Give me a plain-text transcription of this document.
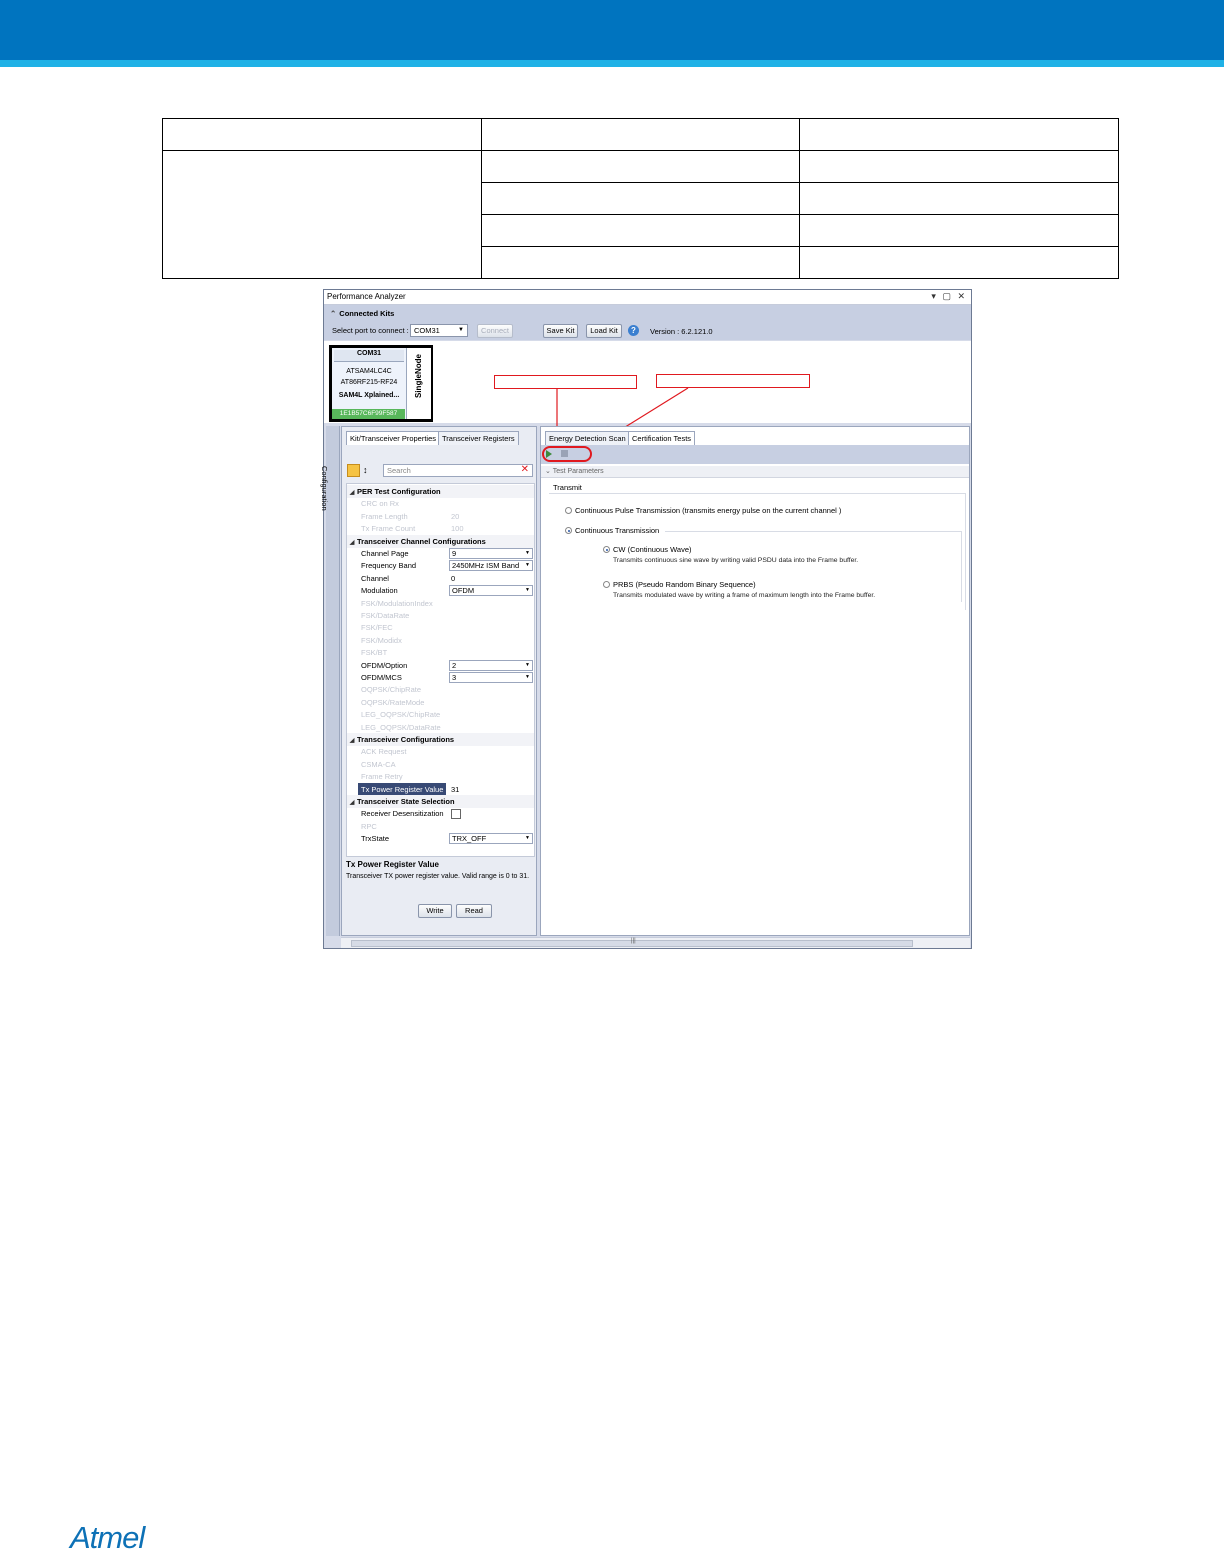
Performance Analyzer	▾ ▢ ✕
⌃ Connected Kits
Select port to connect : COM31	▼	Connect	Save Kit	Load Kit	?	Version : 6.2.121.0
COM31
ATSAM4LC4C
AT86RF215-RF24
SAM4L Xplained...
1E1B57C6F99F587
SingleNode
Configuration
Kit/Transceiver Properties Transceiver Registers
↕	Search	✕
◢ PER Test Configuration
CRC on Rx
Frame Length	20
Tx Frame Count	100
◢ Transceiver Channel Configurations
Channel Page	9	▼
Frequency Band	2450MHz ISM Band ▼
Channel	0
Modulation	OFDM	▼
FSK/ModulationIndex
FSK/DataRate
FSK/FEC
FSK/Modidx
FSK/BT
OFDM/Option	2	▼
OFDM/MCS	3	▼
OQPSK/ChipRate
OQPSK/RateMode
LEG_OQPSK/ChipRate
LEG_OQPSK/DataRate
◢ Transceiver Configurations
ACK Request
CSMA-CA
Frame Retry
Tx Power Register Value	31
◢ Transceiver State Selection
Receiver Desensitization
RPC
TrxState	TRX_OFF	▼
Tx Power Register Value
Transceiver TX power register value. Valid range is 0 to 31.
Write	Read
Energy Detection Scan Certification Tests
⌄ Test Parameters
Transmit
Continuous Pulse Transmission (transmits energy pulse on the current channel )
Continuous Transmission
CW (Continuous Wave)
Transmits continuous sine wave by writing valid PSDU data into the Frame buffer.
PRBS (Pseudo Random Binary Sequence)
Transmits modulated wave by writing a frame of maximum length into the Frame buffer.
|||
Atmel
